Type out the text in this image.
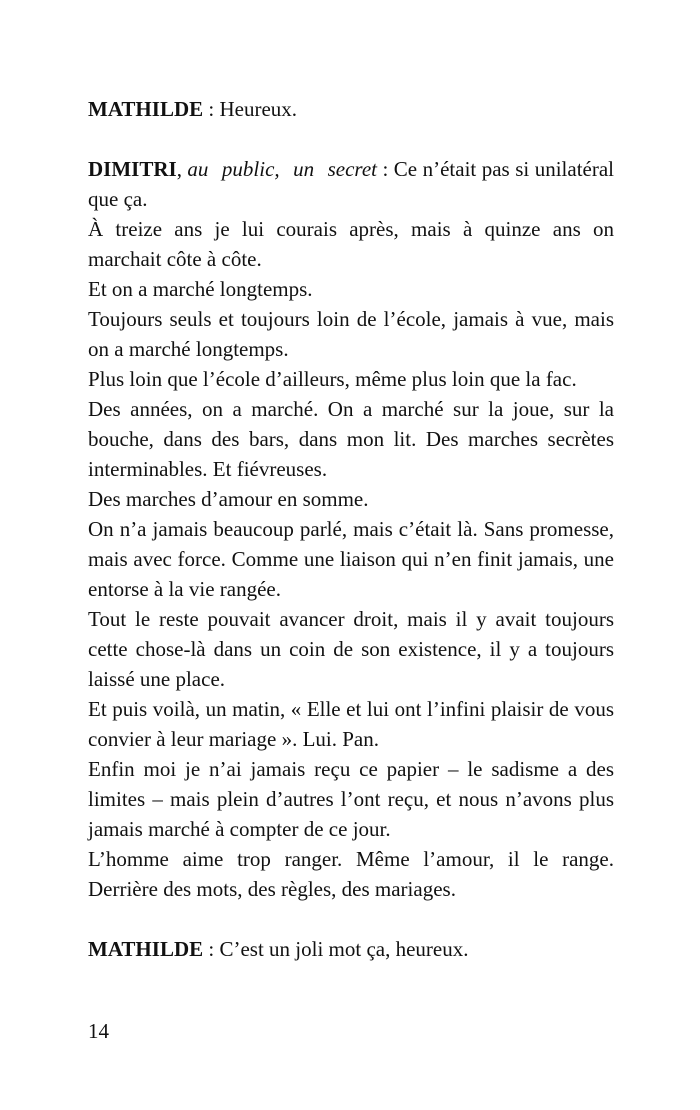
MATHILDE : Heureux.

DIMITRI, au public, un secret : Ce n’était pas si unilatéral que ça.

À treize ans je lui courais après, mais à quinze ans on marchait côte à côte.

Et on a marché longtemps.

Toujours seuls et toujours loin de l’école, jamais à vue, mais on a marché longtemps.

Plus loin que l’école d’ailleurs, même plus loin que la fac.

Des années, on a marché. On a marché sur la joue, sur la bouche, dans des bars, dans mon lit. Des marches secrètes interminables. Et fiévreuses.

Des marches d’amour en somme.

On n’a jamais beaucoup parlé, mais c’était là. Sans promesse, mais avec force. Comme une liaison qui n’en finit jamais, une entorse à la vie rangée.

Tout le reste pouvait avancer droit, mais il y avait toujours cette chose-là dans un coin de son existence, il y a toujours laissé une place.

Et puis voilà, un matin, « Elle et lui ont l’infini plaisir de vous convier à leur mariage ». Lui. Pan.

Enfin moi je n’ai jamais reçu ce papier – le sadisme a des limites – mais plein d’autres l’ont reçu, et nous n’avons plus jamais marché à compter de ce jour.

L’homme aime trop ranger. Même l’amour, il le range. Derrière des mots, des règles, des mariages.

MATHILDE : C’est un joli mot ça, heureux.

14
